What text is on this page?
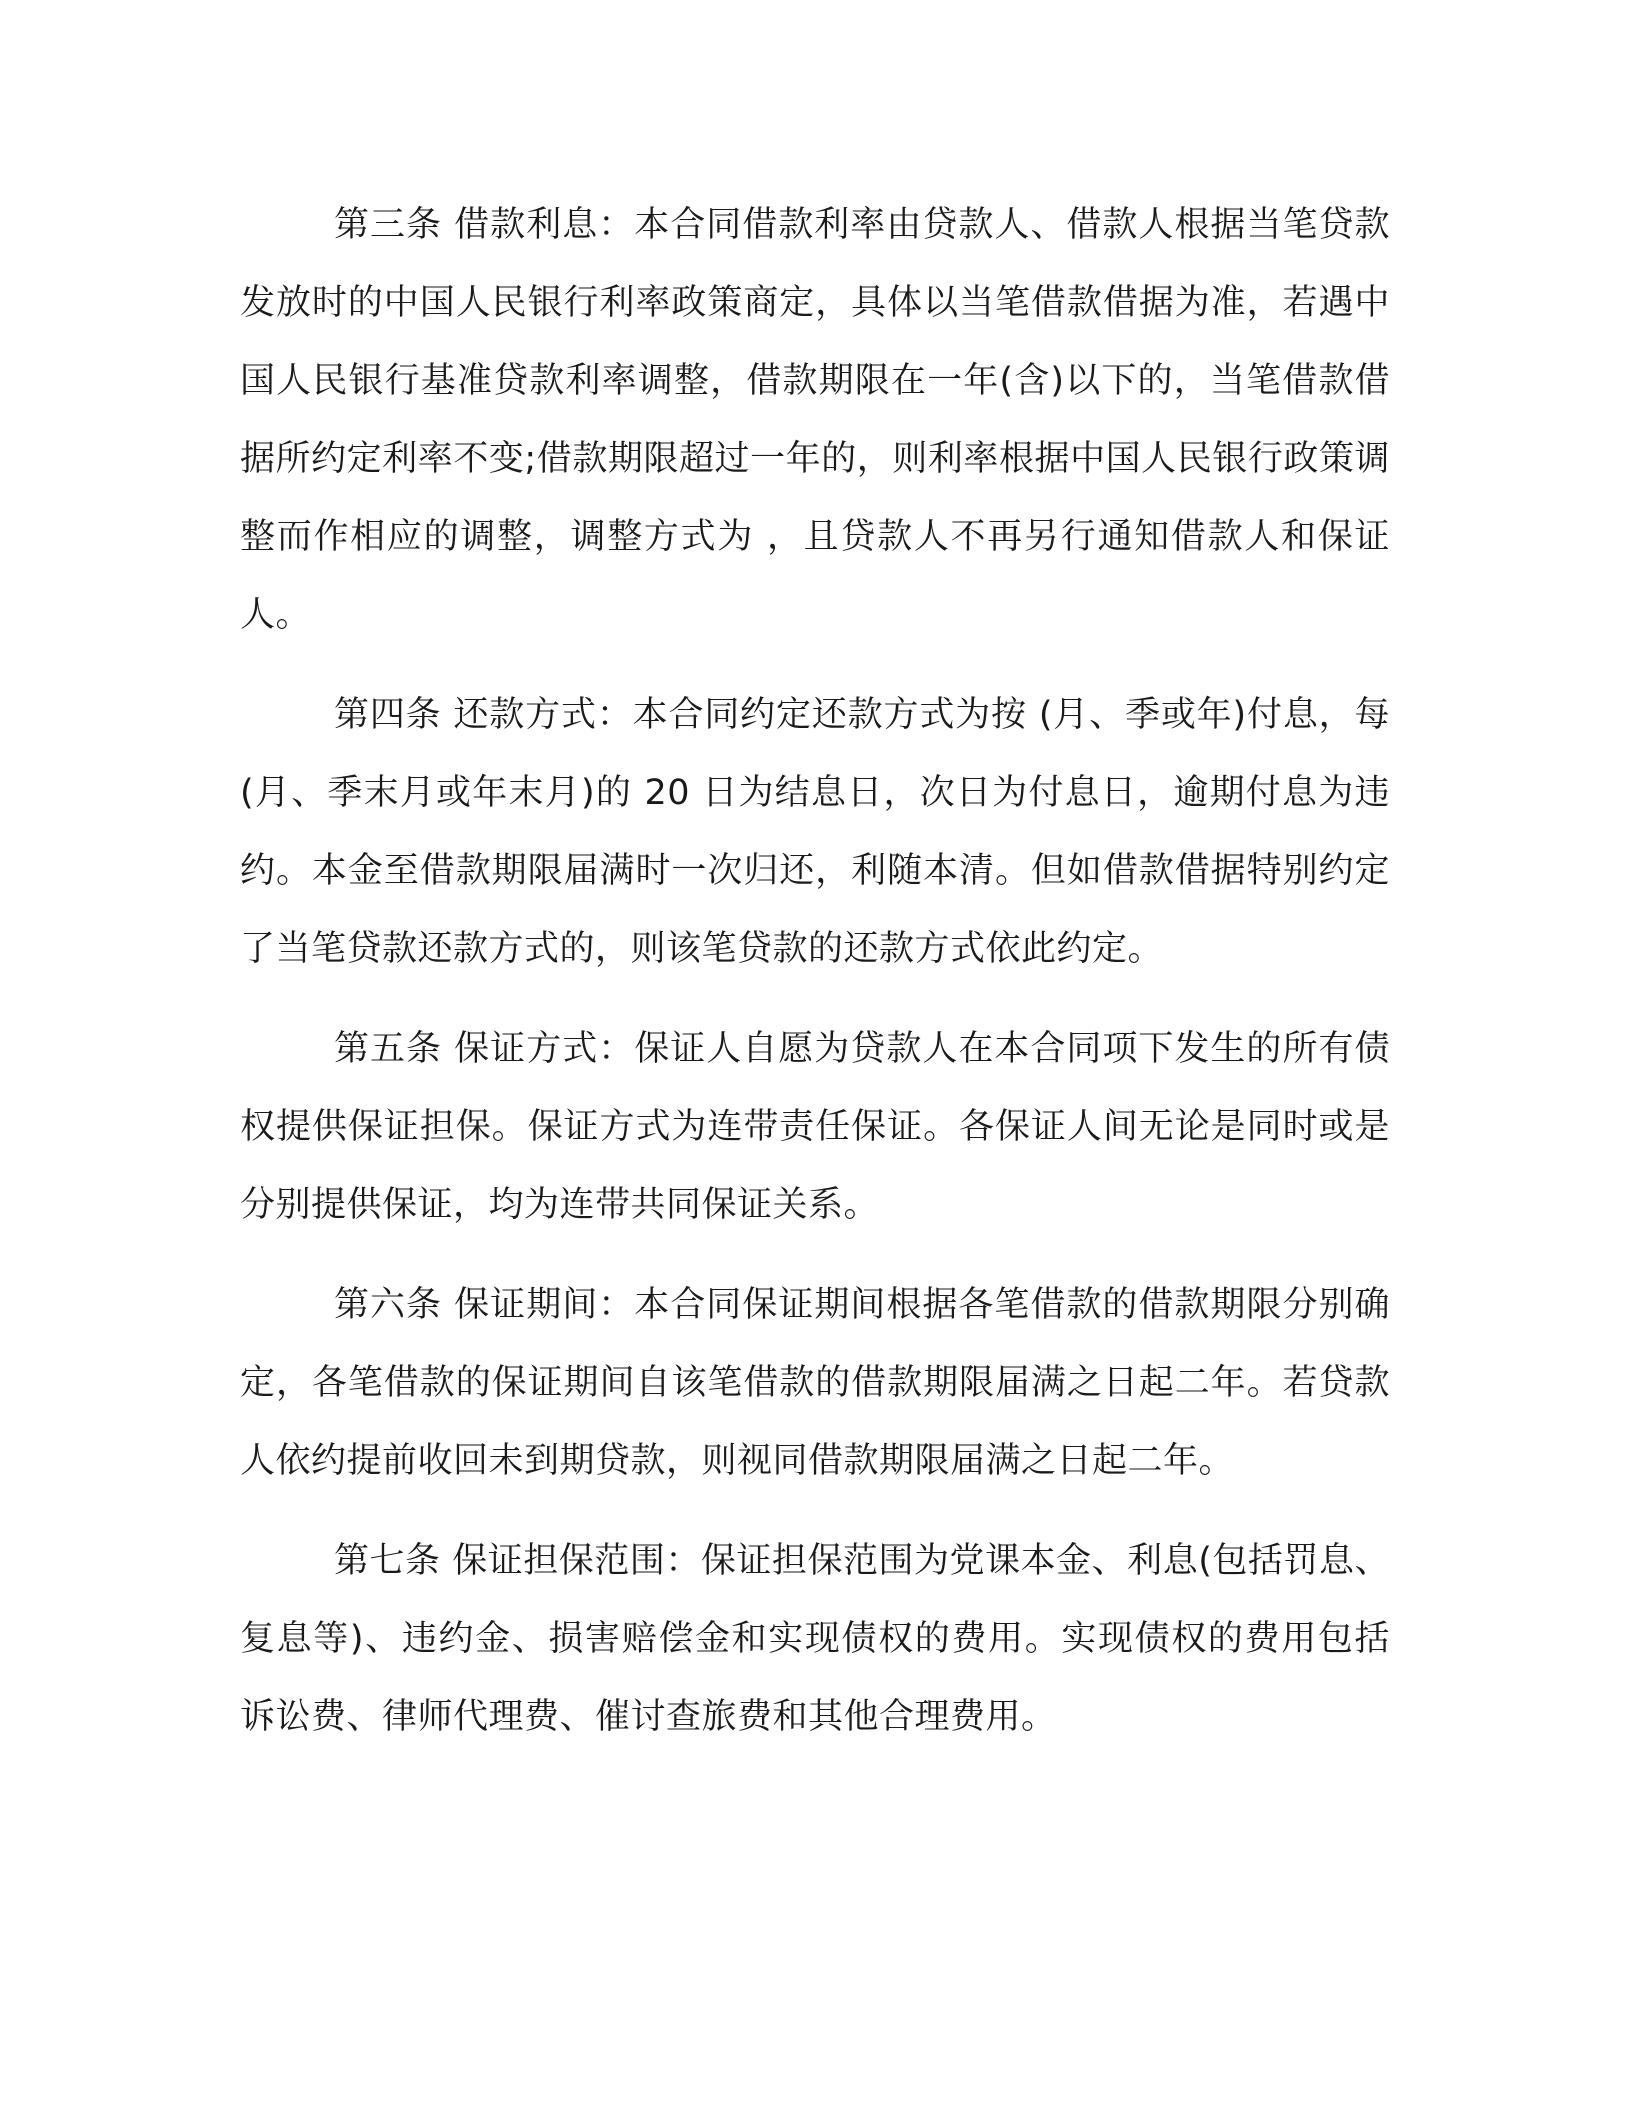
第三条 借款利息：本合同借款利率由贷款人、借款人根据当笔贷款发放时的中国人民银行利率政策商定，具体以当笔借款借据为准，若遇中国人民银行基准贷款利率调整，借款期限在一年(含)以下的，当笔借款借据所约定利率不变;借款期限超过一年的，则利率根据中国人民银行政策调整而作相应的调整，调整方式为 ，且贷款人不再另行通知借款人和保证人。

第四条 还款方式：本合同约定还款方式为按 (月、季或年)付息，每 (月、季末月或年末月)的 20 日为结息日，次日为付息日，逾期付息为违约。本金至借款期限届满时一次归还，利随本清。但如借款借据特别约定了当笔贷款还款方式的，则该笔贷款的还款方式依此约定。

第五条 保证方式：保证人自愿为贷款人在本合同项下发生的所有债权提供保证担保。保证方式为连带责任保证。各保证人间无论是同时或是分别提供保证，均为连带共同保证关系。

第六条 保证期间：本合同保证期间根据各笔借款的借款期限分别确定，各笔借款的保证期间自该笔借款的借款期限届满之日起二年。若贷款人依约提前收回未到期贷款，则视同借款期限届满之日起二年。

第七条 保证担保范围：保证担保范围为党课本金、利息(包括罚息、复息等)、违约金、损害赔偿金和实现债权的费用。实现债权的费用包括诉讼费、律师代理费、催讨查旅费和其他合理费用。
